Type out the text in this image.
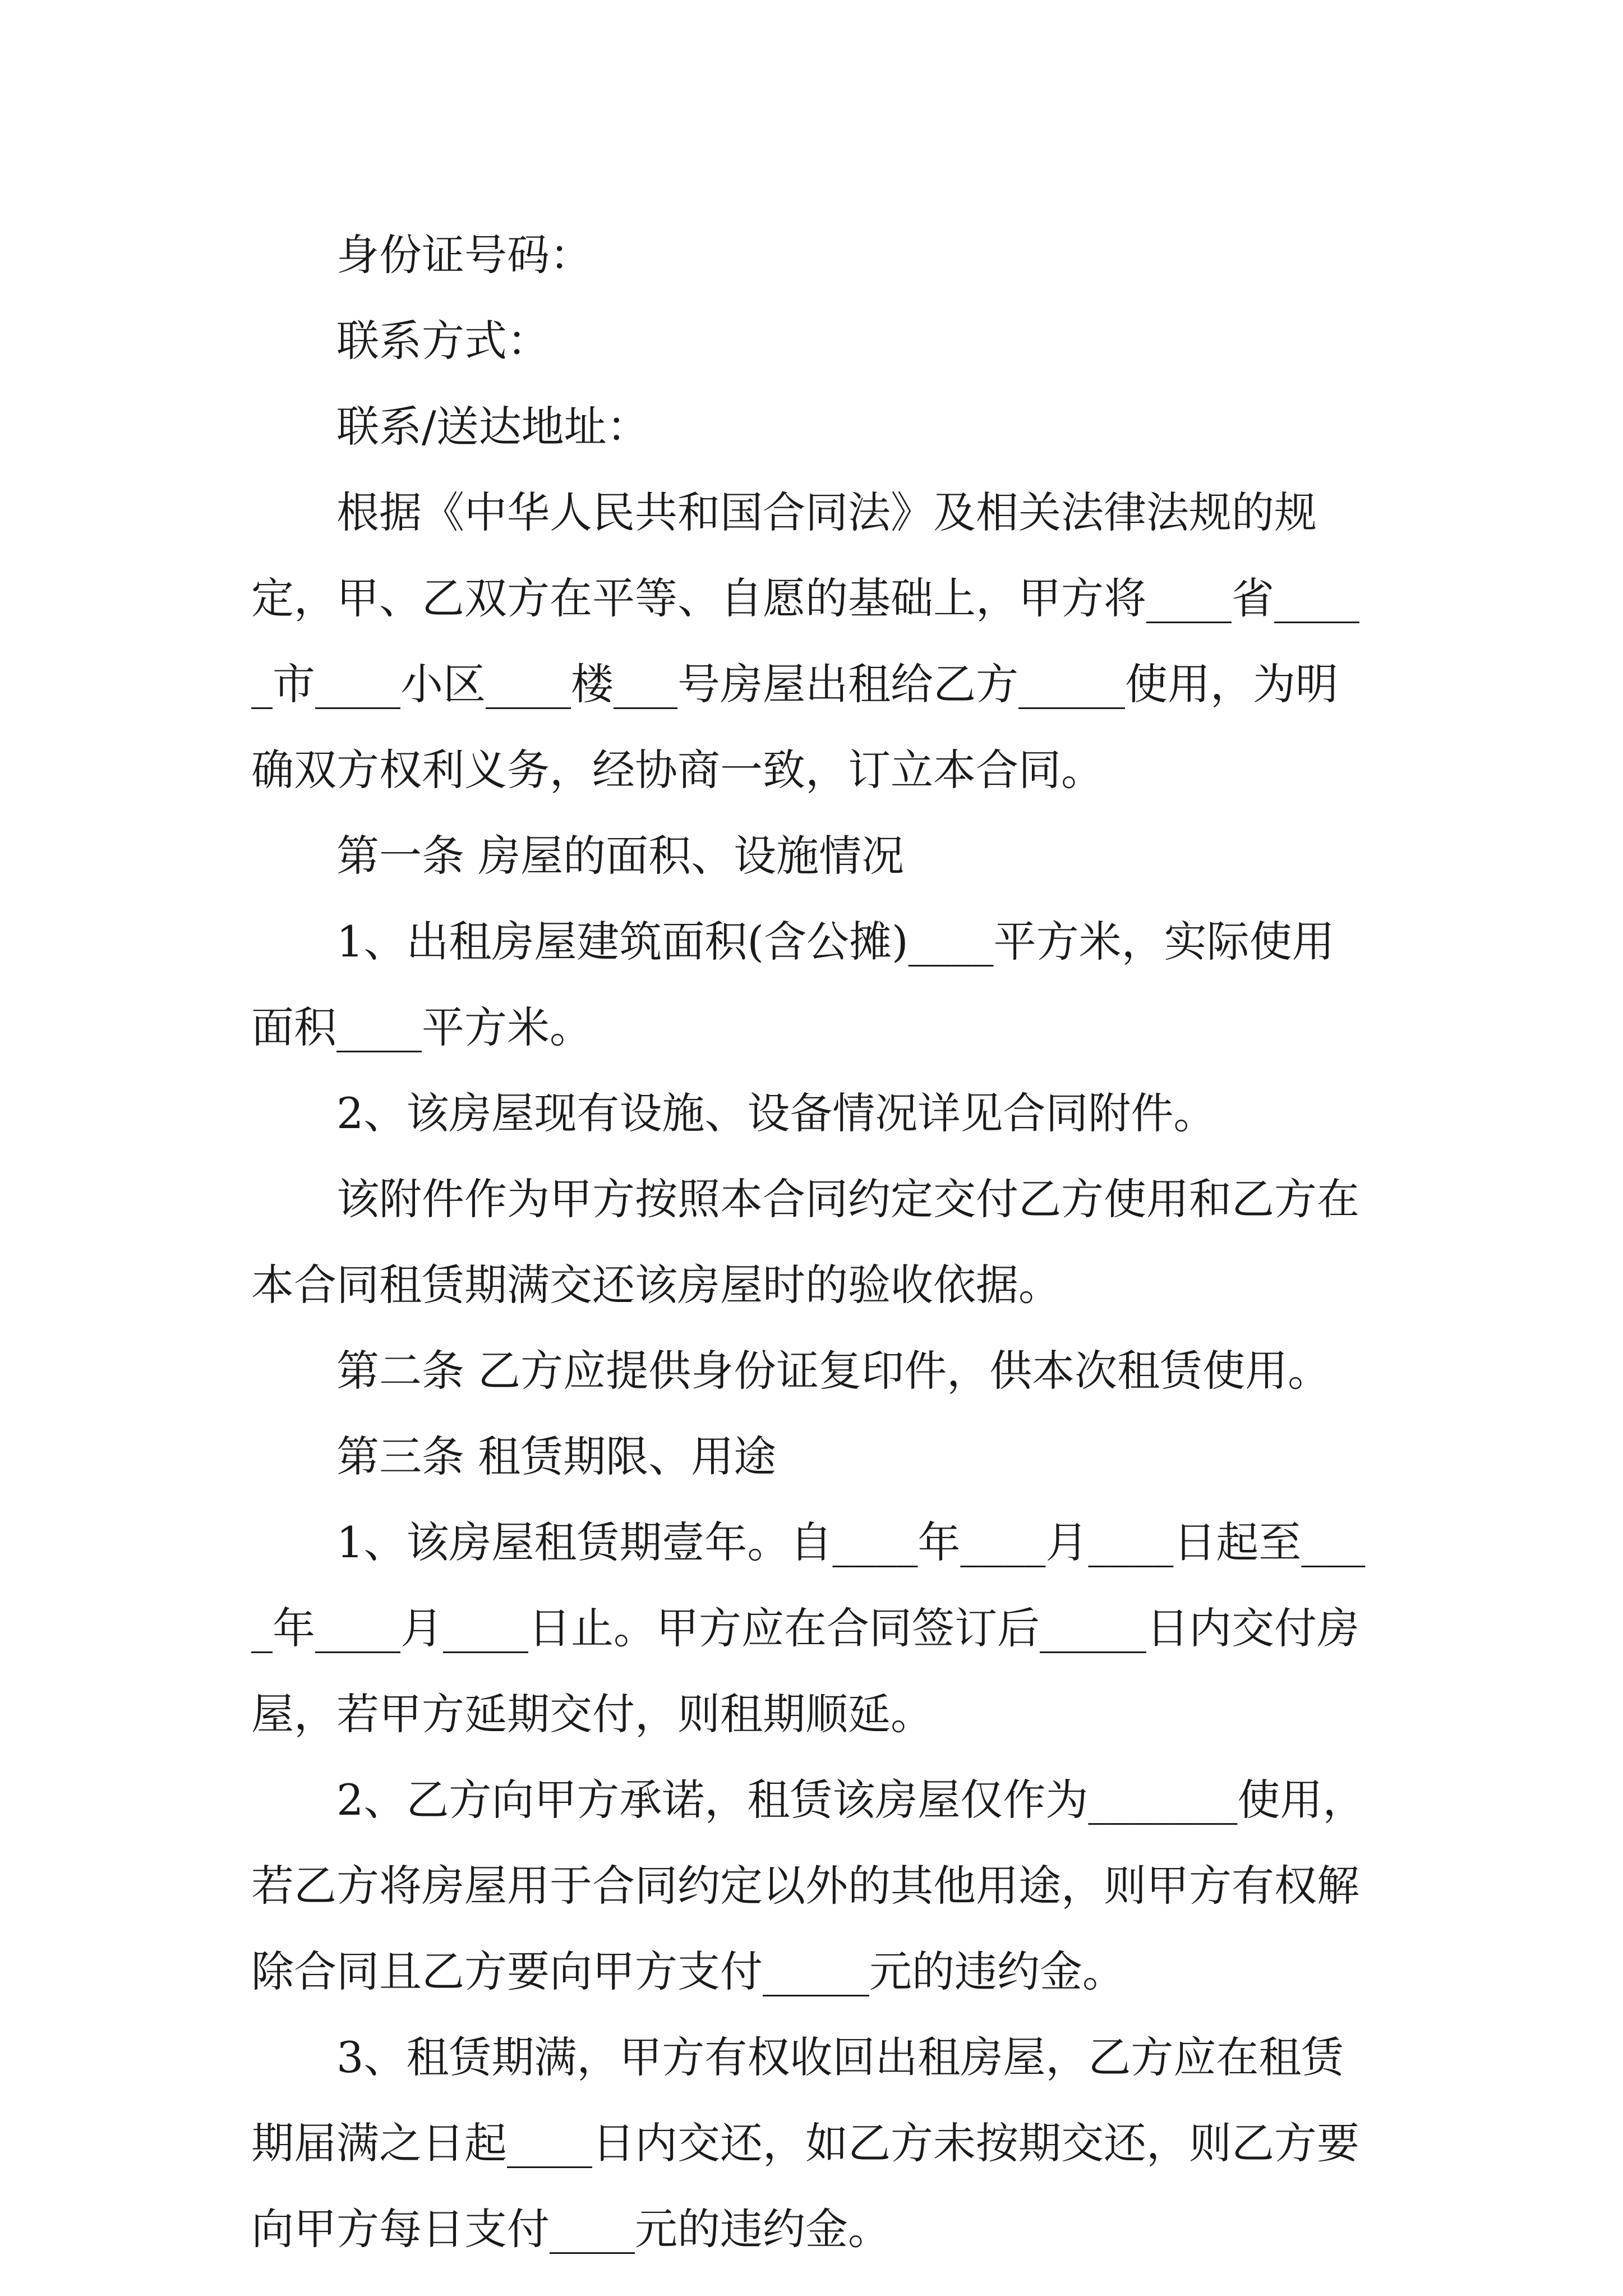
身份证号码：

联系方式：

联系/送达地址：

根据《中华人民共和国合同法》及相关法律法规的规定，甲、乙双方在平等、自愿的基础上，甲方将____省_____市____小区____楼___号房屋出租给乙方_____使用，为明确双方权利义务，经协商一致，订立本合同。

第一条 房屋的面积、设施情况

1、出租房屋建筑面积(含公摊)____平方米，实际使用面积____平方米。

2、该房屋现有设施、设备情况详见合同附件。

该附件作为甲方按照本合同约定交付乙方使用和乙方在本合同租赁期满交还该房屋时的验收依据。

第二条 乙方应提供身份证复印件，供本次租赁使用。

第三条 租赁期限、用途

1、该房屋租赁期壹年。自____年____月____日起至____年____月____日止。甲方应在合同签订后_____日内交付房屋，若甲方延期交付，则租期顺延。

2、乙方向甲方承诺，租赁该房屋仅作为_______使用，若乙方将房屋用于合同约定以外的其他用途，则甲方有权解除合同且乙方要向甲方支付_____元的违约金。

3、租赁期满，甲方有权收回出租房屋，乙方应在租赁期届满之日起____日内交还，如乙方未按期交还，则乙方要向甲方每日支付____元的违约金。
